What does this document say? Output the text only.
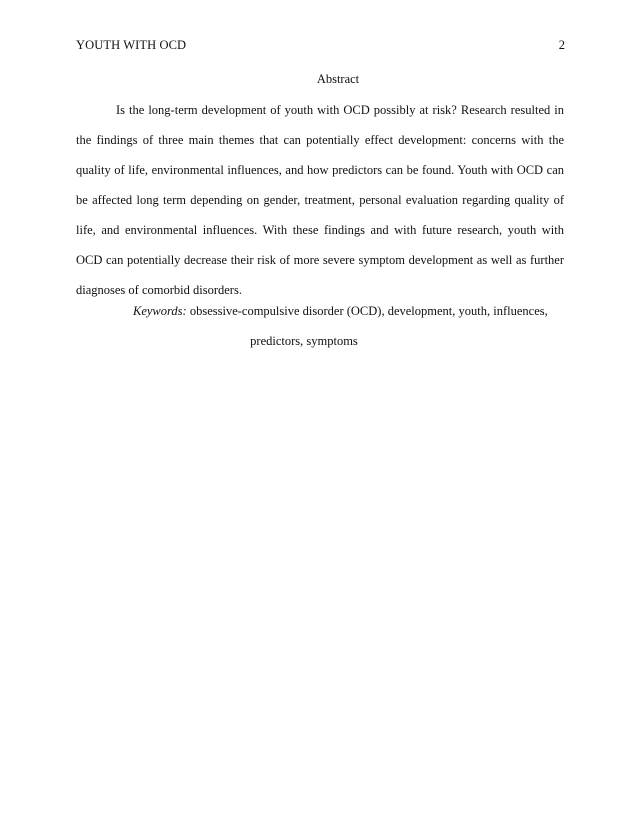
YOUTH WITH OCD	2
Abstract
Is the long-term development of youth with OCD possibly at risk? Research resulted in
the findings of three main themes that can potentially effect development: concerns with the
quality of life, environmental influences, and how predictors can be found. Youth with OCD can
be affected long term depending on gender, treatment, personal evaluation regarding quality of
life, and environmental influences. With these findings and with future research, youth with
OCD can potentially decrease their risk of more severe symptom development as well as further
diagnoses of comorbid disorders.
Keywords: obsessive-compulsive disorder (OCD), development, youth, influences,
predictors, symptoms
